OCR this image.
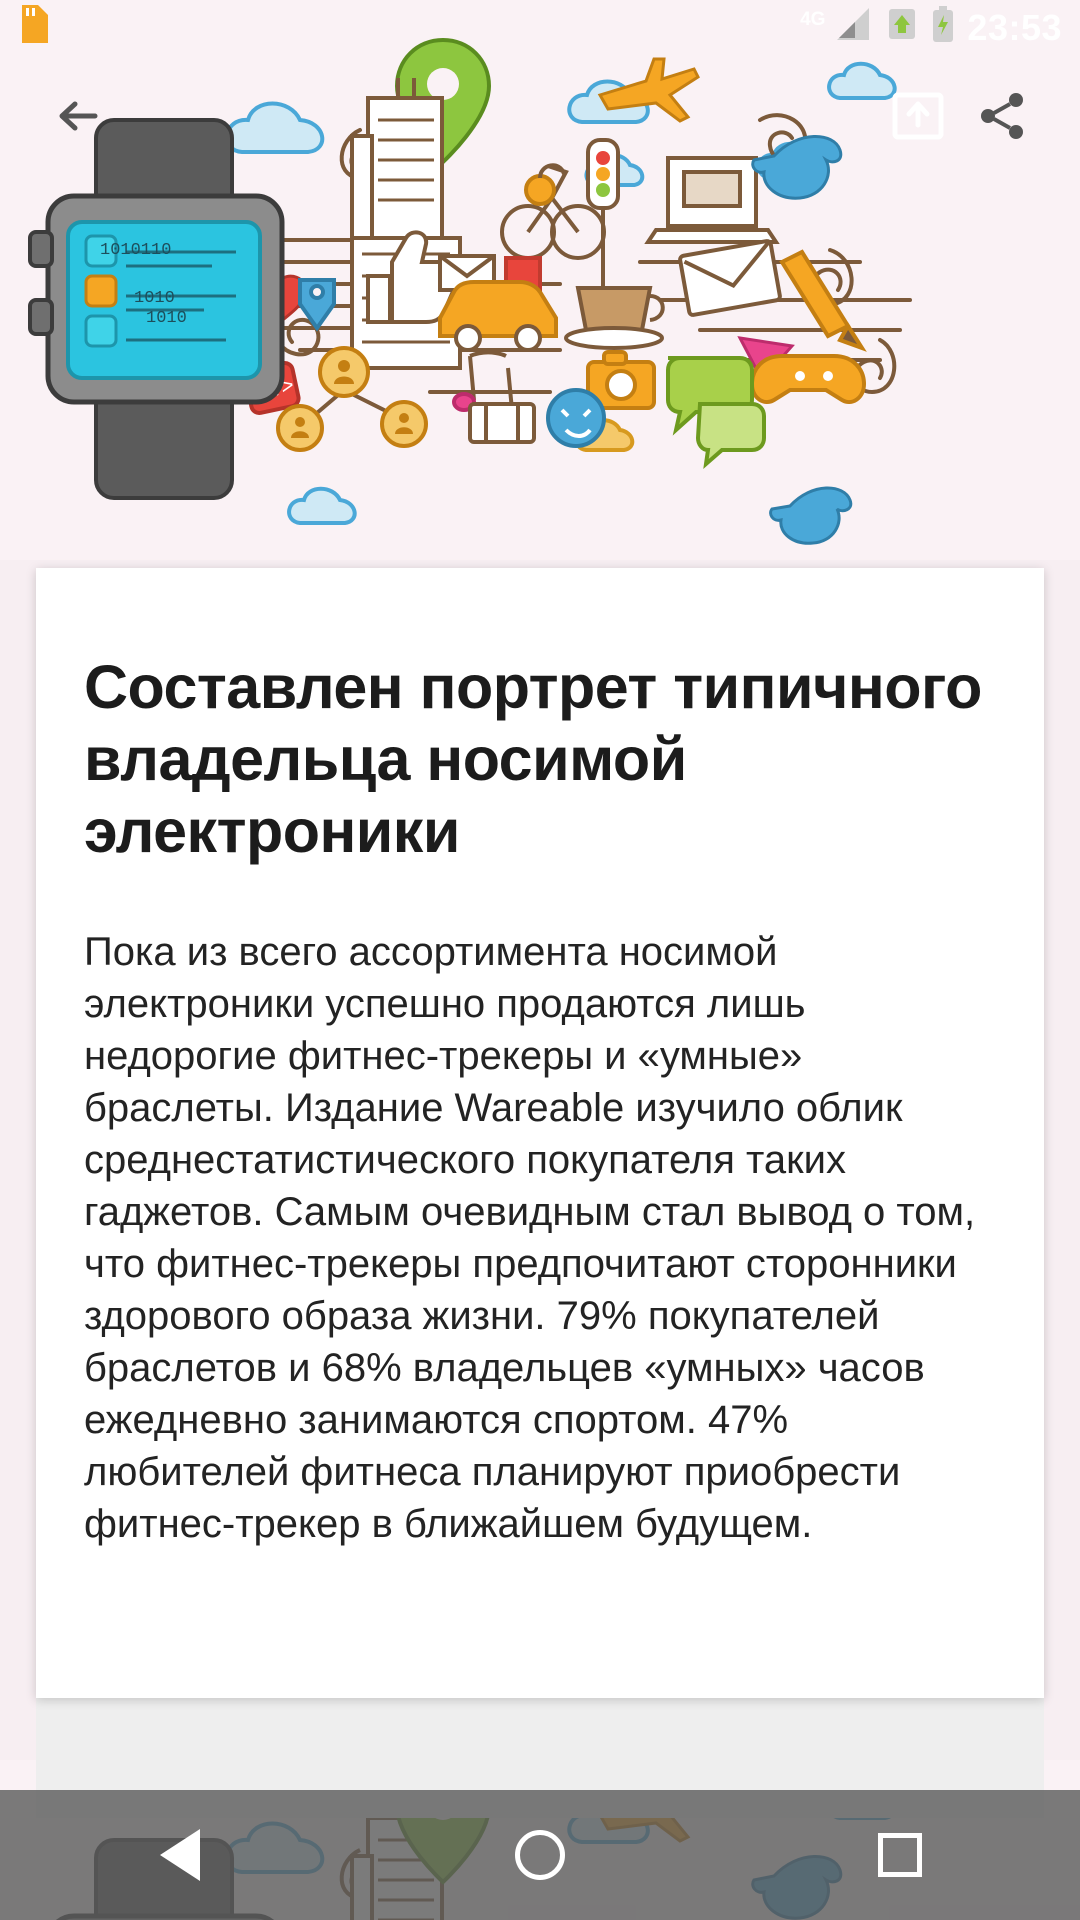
1010110
1010
1010
4G	23:53
Составлен портрет типичного владельца носимой электроники

Пока из всего ассортимента носимой электроники успешно продаются лишь недорогие фитнес-трекеры и «умные» браслеты. Издание Wareable изучило облик среднестатистического покупателя таких гаджетов. Самым очевидным стал вывод о том, что фитнес-трекеры предпочитают сторонники здорового образа жизни. 79% покупателей браслетов и 68% владельцев «умных» часов ежедневно занимаются спортом. 47% любителей фитнеса планируют приобрести фитнес-трекер в ближайшем будущем.
